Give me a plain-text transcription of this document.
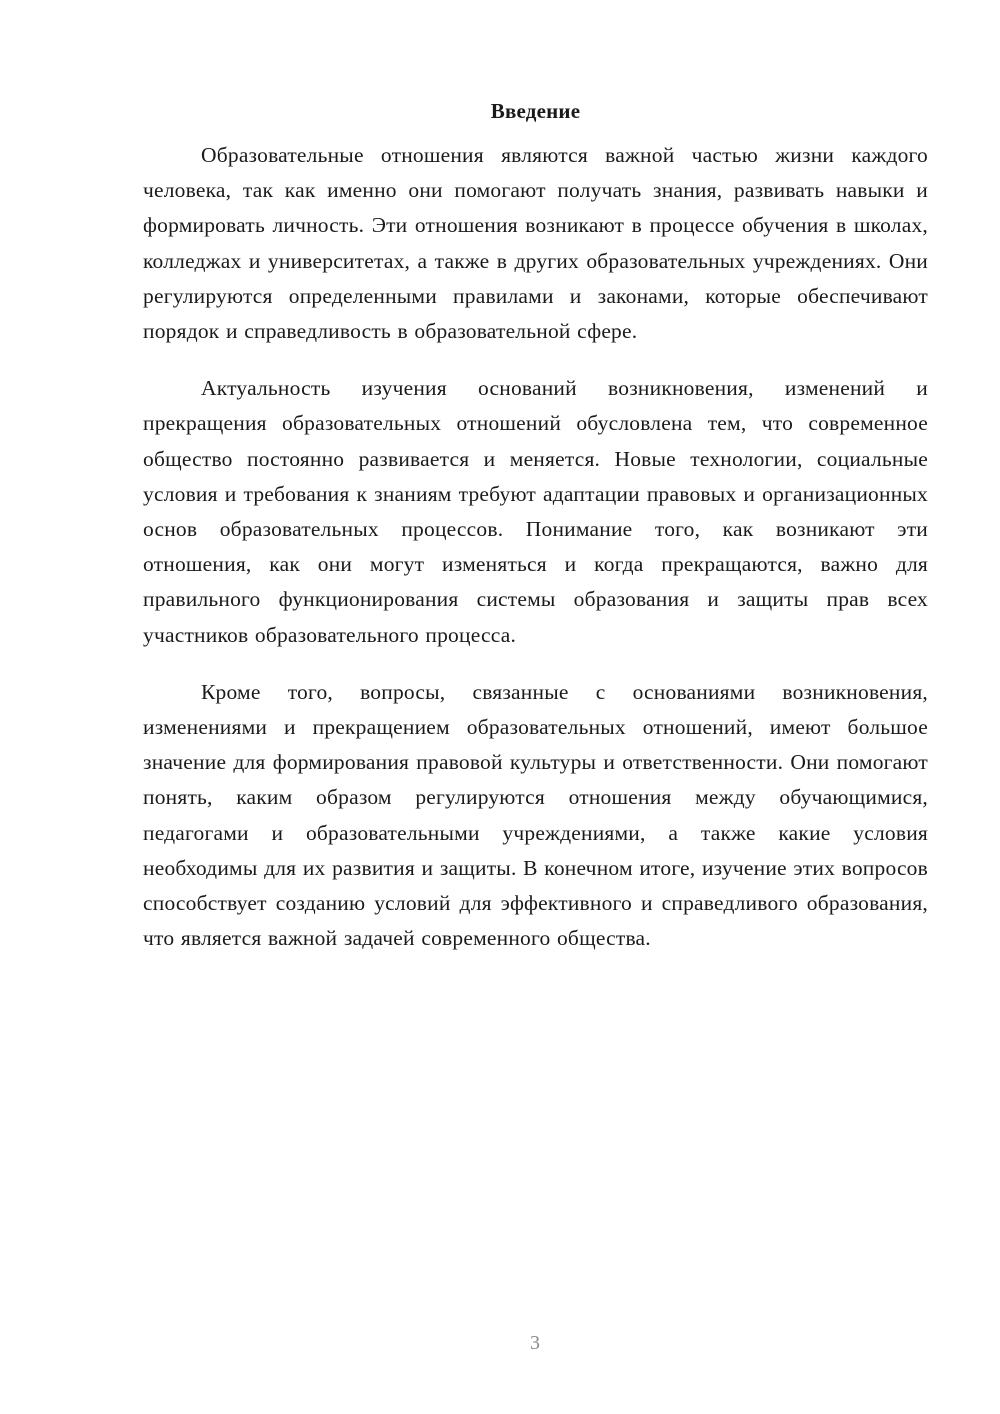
Введение

Образовательные отношения являются важной частью жизни каждого человека, так как именно они помогают получать знания, развивать навыки и формировать личность. Эти отношения возникают в процессе обучения в школах, колледжах и университетах, а также в других образовательных учреждениях. Они регулируются определенными правилами и законами, которые обеспечивают порядок и справедливость в образовательной сфере.

Актуальность изучения оснований возникновения, изменений и прекращения образовательных отношений обусловлена тем, что современное общество постоянно развивается и меняется. Новые технологии, социальные условия и требования к знаниям требуют адаптации правовых и организационных основ образовательных процессов. Понимание того, как возникают эти отношения, как они могут изменяться и когда прекращаются, важно для правильного функционирования системы образования и защиты прав всех участников образовательного процесса.

Кроме того, вопросы, связанные с основаниями возникновения, изменениями и прекращением образовательных отношений, имеют большое значение для формирования правовой культуры и ответственности. Они помогают понять, каким образом регулируются отношения между обучающимися, педагогами и образовательными учреждениями, а также какие условия необходимы для их развития и защиты. В конечном итоге, изучение этих вопросов способствует созданию условий для эффективного и справедливого образования, что является важной задачей современного общества.

3
